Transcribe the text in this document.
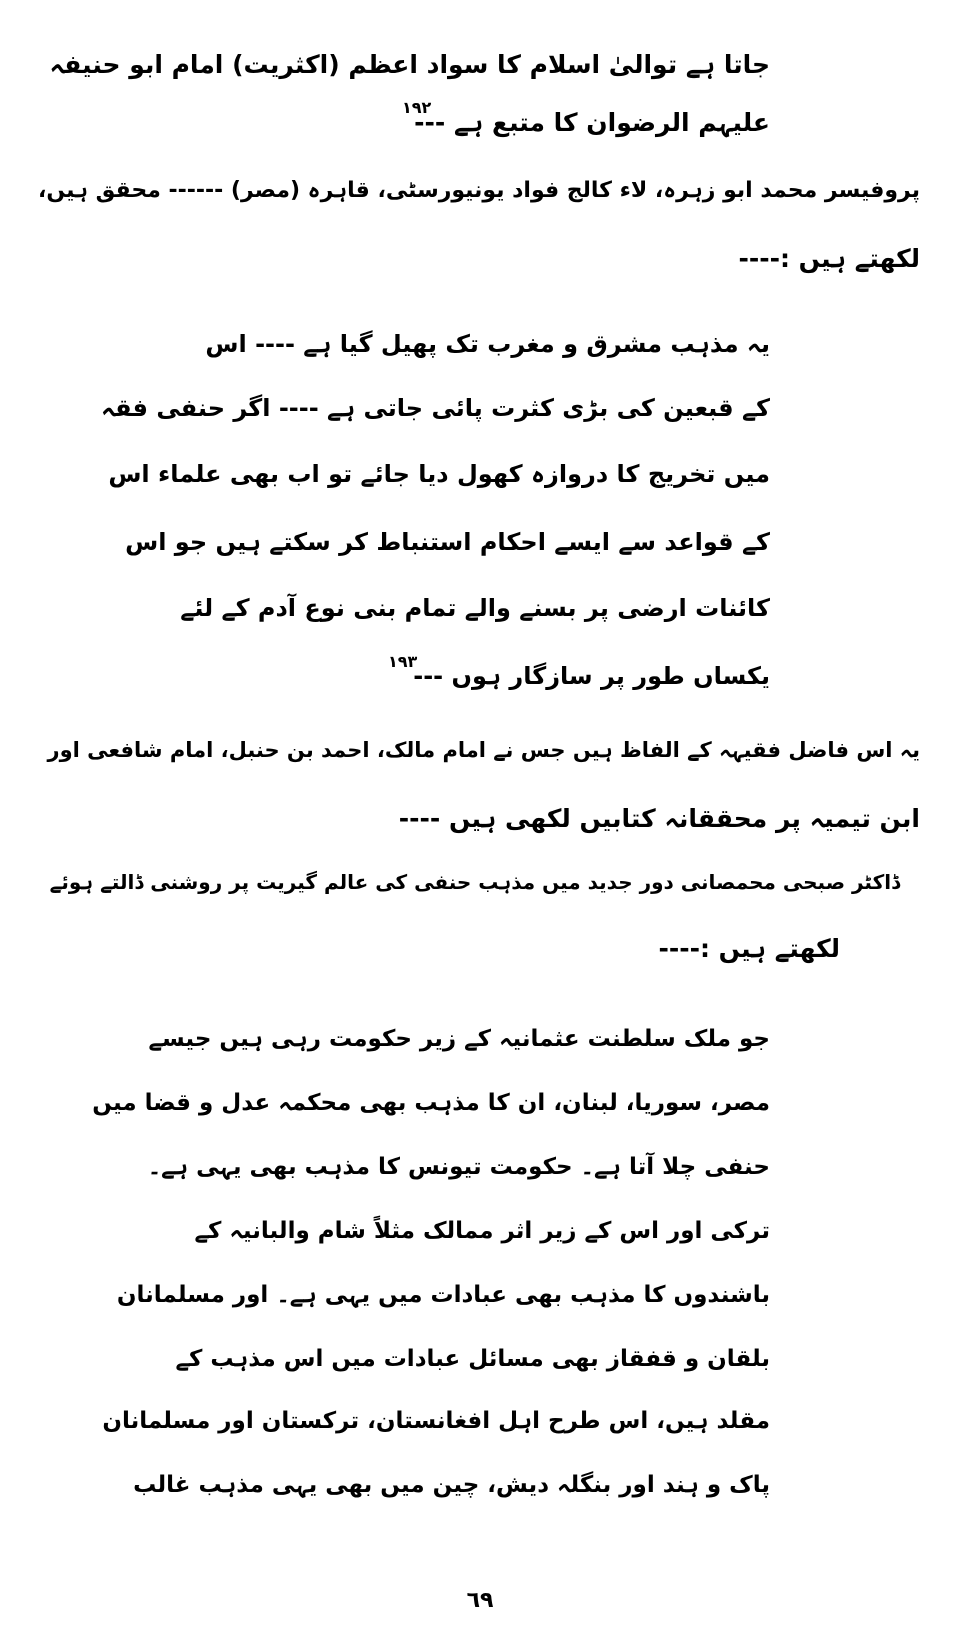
جاتا ہے توالیٰ اسلام کا سواد اعظم (اکثریت) امام ابو حنیفہ
علیہم الرضوان کا متبع ہے ---
۱۹۲
پروفیسر محمد ابو زہرہ، لاء کالج فواد یونیورسٹی، قاہرہ (مصر) ------ محقق ہیں،
لکھتے ہیں :----
یہ مذہب مشرق و مغرب تک پھیل گیا ہے ---- اس
کے قبعین کی بڑی کثرت پائی جاتی ہے ---- اگر حنفی فقہ
میں تخریج کا دروازہ کھول دیا جائے تو اب بھی علماء اس
کے قواعد سے ایسے احکام استنباط کر سکتے ہیں جو اس
کائنات ارضی پر بسنے والے تمام بنی نوع آدم کے لئے
یکساں طور پر سازگار ہوں ---
۱۹۳
یہ اس فاضل فقیہہ کے الفاظ ہیں جس نے امام مالک، احمد بن حنبل، امام شافعی اور
ابن تیمیہ پر محققانہ کتابیں لکھی ہیں ----
ڈاکٹر صبحی محمصانی دور جدید میں مذہب حنفی کی عالم گیریت پر روشنی ڈالتے ہوئے
لکھتے ہیں :----
جو ملک سلطنت عثمانیہ کے زیر حکومت رہی ہیں جیسے
مصر، سوریا، لبنان، ان کا مذہب بھی محکمہ عدل و قضا میں
حنفی چلا آتا ہے۔ حکومت تیونس کا مذہب بھی یہی ہے۔
ترکی اور اس کے زیر اثر ممالک مثلاً شام والبانیہ کے
باشندوں کا مذہب بھی عبادات میں یہی ہے۔ اور مسلمانان
بلقان و قفقاز بھی مسائل عبادات میں اس مذہب کے
مقلد ہیں، اس طرح اہل افغانستان، ترکستان اور مسلمانان
پاک و ہند اور بنگلہ دیش، چین میں بھی یہی مذہب غالب
٦٩
